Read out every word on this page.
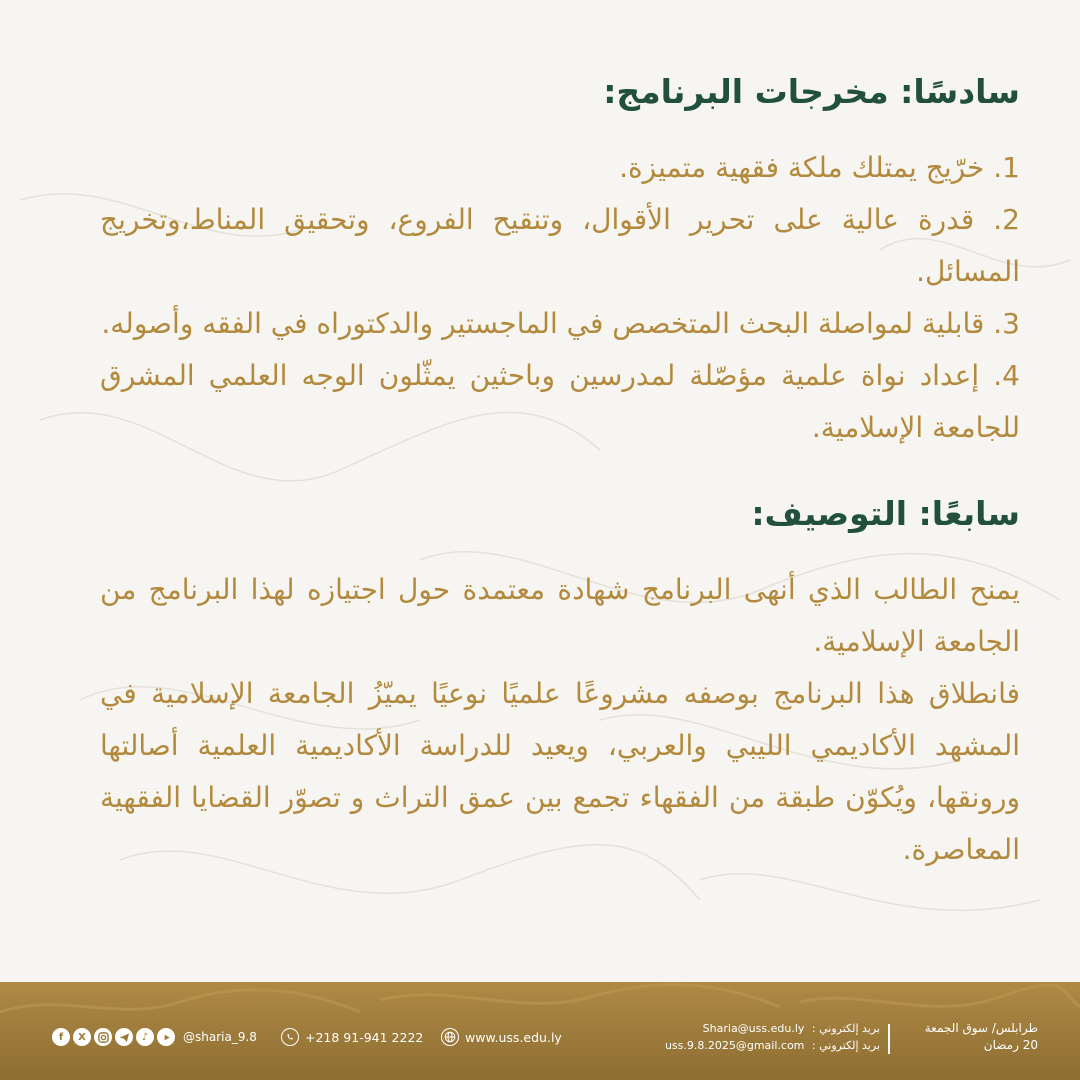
سادسًا: مخرجات البرنامج:
1. خرّيج يمتلك ملكة فقهية متميزة.
2. قدرة عالية على تحرير الأقوال، وتنقيح الفروع، وتحقيق المناط،وتخريج المسائل.
3. قابلية لمواصلة البحث المتخصص في الماجستير والدكتوراه في الفقه وأصوله.
4. إعداد نواة علمية مؤصّلة لمدرسين وباحثين يمثّلون الوجه العلمي المشرق للجامعة الإسلامية.
سابعًا: التوصيف:

يمنح الطالب الذي أنهى البرنامج شهادة معتمدة حول اجتيازه لهذا البرنامج من الجامعة الإسلامية.

فانطلاق هذا البرنامج بوصفه مشروعًا علميًا نوعيًا يميّزُ الجامعة الإسلامية في المشهد الأكاديمي الليبي والعربي، ويعيد للدراسة الأكاديمية العلمية أصالتها ورونقها، ويُكوّن طبقة من الفقهاء تجمع بين عمق التراث و تصوّر القضايا الفقهية المعاصرة.

f	X	♪	@sharia_9.8	+218 91-941 2222	www.uss.edu.ly
بريد إلكتروني : Sharia@uss.edu.ly
بريد إلكتروني : uss.9.8.2025@gmail.com
طرابلس/ سوق الجمعة
20 رمضان
